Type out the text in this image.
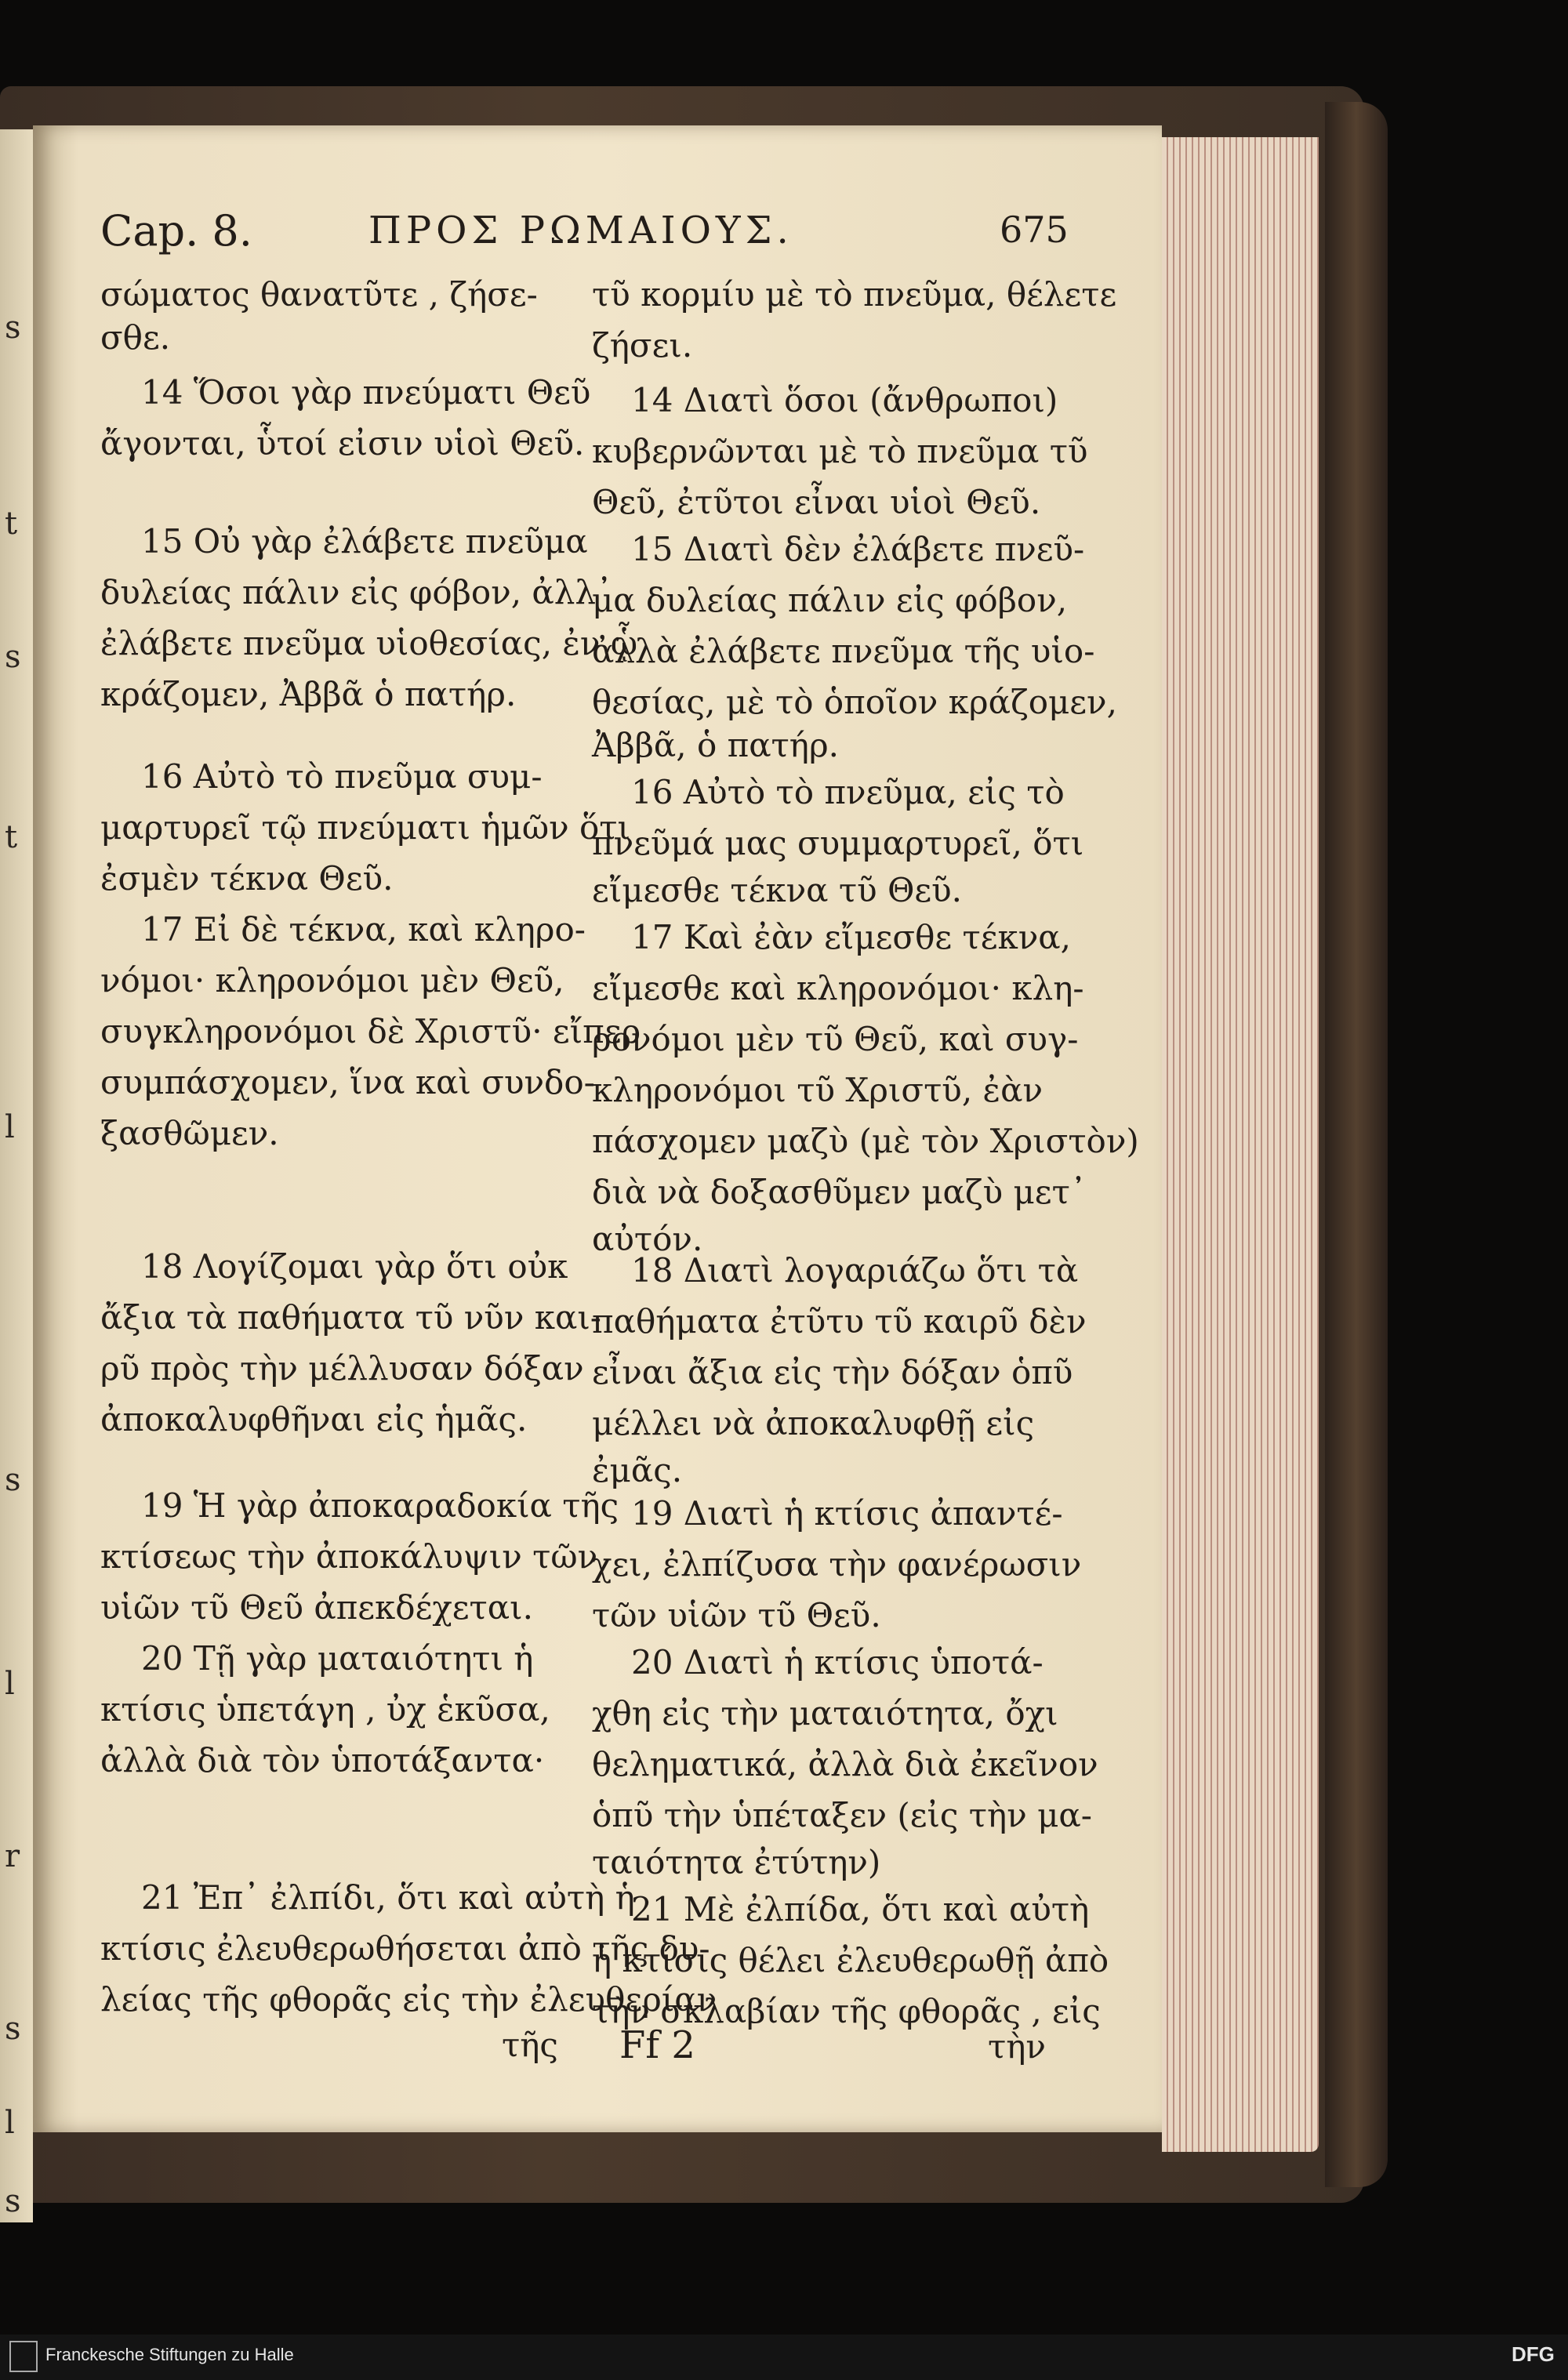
s
t
s
t
l
s
l
r
s
l
s
Cap. 8.	ΠΡΟΣ ΡΩΜΑΙΟΥΣ.	675
σώματος θανατῦτε , ζήσε-
σθε.
14 Ὅσοι γὰρ πνεύματι Θεῦ
ἄγονται, ὗτοί εἰσιν υἱοὶ Θεῦ.
15 Οὐ γὰρ ἐλάβετε πνεῦμα
δυλείας πάλιν εἰς φόβον, ἀλλ᾽
ἐλάβετε πνεῦμα υἱοθεσίας, ἐν ᾧ
κράζομεν, Ἀββᾶ ὁ πατήρ.
16 Αὐτὸ τὸ πνεῦμα συμ-
μαρτυρεῖ τῷ πνεύματι ἡμῶν ὅτι
ἐσμὲν τέκνα Θεῦ.
17 Εἰ δὲ τέκνα, καὶ κληρο-
νόμοι· κληρονόμοι μὲν Θεῦ,
συγκληρονόμοι δὲ Χριστῦ· εἴπερ
συμπάσχομεν, ἵνα καὶ συνδο-
ξασθῶμεν.
18 Λογίζομαι γὰρ ὅτι οὐκ
ἄξια τὰ παθήματα τῦ νῦν και-
ρῦ πρὸς τὴν μέλλυσαν δόξαν
ἀποκαλυφθῆναι εἰς ἡμᾶς.
19 Ἡ γὰρ ἀποκαραδοκία τῆς
κτίσεως τὴν ἀποκάλυψιν τῶν
υἱῶν τῦ Θεῦ ἀπεκδέχεται.
20 Τῇ γὰρ ματαιότητι ἡ
κτίσις ὑπετάγη , ὐχ ἑκῦσα,
ἀλλὰ διὰ τὸν ὑποτάξαντα·
21 Ἐπ᾽ ἐλπίδι, ὅτι καὶ αὐτὴ ἡ
κτίσις ἐλευθερωθήσεται ἀπὸ τῆς δυ-
λείας τῆς φθορᾶς εἰς τὴν ἐλευθερίαν
τῦ κορμίυ μὲ τὸ πνεῦμα, θέλετε
ζήσει.
14 Διατὶ ὅσοι (ἄνθρωποι)
κυβερνῶνται μὲ τὸ πνεῦμα τῦ
Θεῦ, ἐτῦτοι εἶναι υἱοὶ Θεῦ.
15 Διατὶ δὲν ἐλάβετε πνεῦ-
μα δυλείας πάλιν εἰς φόβον,
ἀλλὰ ἐλάβετε πνεῦμα τῆς υἱο-
θεσίας, μὲ τὸ ὁποῖον κράζομεν,
Ἀββᾶ, ὁ πατήρ.
16 Αὐτὸ τὸ πνεῦμα, εἰς τὸ
πνεῦμά μας συμμαρτυρεῖ, ὅτι
εἴμεσθε τέκνα τῦ Θεῦ.
17 Καὶ ἐὰν εἴμεσθε τέκνα,
εἴμεσθε καὶ κληρονόμοι· κλη-
ρονόμοι μὲν τῦ Θεῦ, καὶ συγ-
κληρονόμοι τῦ Χριστῦ, ἐὰν
πάσχομεν μαζὺ (μὲ τὸν Χριστὸν)
διὰ νὰ δοξασθῦμεν μαζὺ μετ᾽
αὐτόν.
18 Διατὶ λογαριάζω ὅτι τὰ
παθήματα ἐτῦτυ τῦ καιρῦ δὲν
εἶναι ἄξια εἰς τὴν δόξαν ὁπῦ
μέλλει νὰ ἀποκαλυφθῇ εἰς
ἐμᾶς.
19 Διατὶ ἡ κτίσις ἀπαντέ-
χει, ἐλπίζυσα τὴν φανέρωσιν
τῶν υἱῶν τῦ Θεῦ.
20 Διατὶ ἡ κτίσις ὑποτά-
χθη εἰς τὴν ματαιότητα, ὄχι
θεληματικά, ἀλλὰ διὰ ἐκεῖνον
ὁπῦ τὴν ὑπέταξεν (εἰς τὴν μα-
ταιότητα ἐτύτην)
21 Μὲ ἐλπίδα, ὅτι καὶ αὐτὴ
ἡ κτίσις θέλει ἐλευθερωθῇ ἀπὸ
τὴν σκλαβίαν τῆς φθορᾶς , εἰς
τῆς Ff 2	τὴν
Franckesche Stiftungen zu Halle	DFG
